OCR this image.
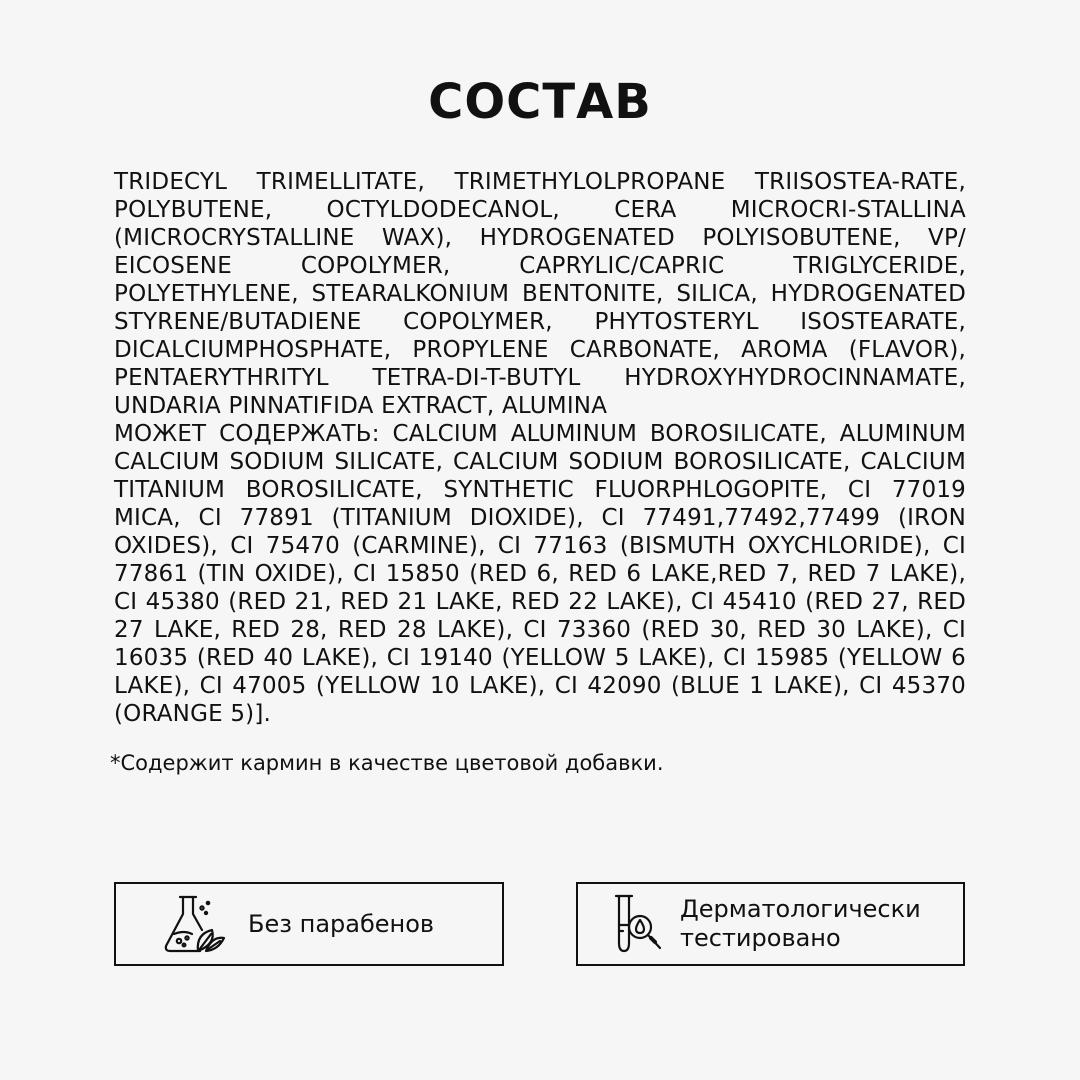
СОСТАВ

TRIDECYL TRIMELLITATE, TRIMETHYLOLPROPANE TRIISOSTEA-RATE, POLYBUTENE, OCTYLDODECANOL, CERA MICROCRI-STALLINA (MICROCRYSTALLINE WAX), HYDROGENATED POLYISOBUTENE, VP/ EICOSENE COPOLYMER, CAPRYLIC/CAPRIC TRIGLYCERIDE, POLYETHYLENE, STEARALKONIUM BENTONITE, SILICA, HYDROGENATED STYRENE/BUTADIENE COPOLYMER, PHYTOSTERYL ISOSTEARATE, DICALCIUMPHOSPHATE, PROPYLENE CARBONATE, AROMA (FLAVOR), PENTAERYTHRITYL TETRA-DI-T-BUTYL HYDROXYHYDROCINNAMATE, UNDARIA PINNATIFIDA EXTRACT, ALUMINA

МОЖЕТ СОДЕРЖАТЬ: CALCIUM ALUMINUM BOROSILICATE, ALUMINUM CALCIUM SODIUM SILICATE, CALCIUM SODIUM BOROSILICATE, CALCIUM TITANIUM BOROSILICATE, SYNTHETIC FLUORPHLOGOPITE, CI 77019 MICA, CI 77891 (TITANIUM DIOXIDE), CI 77491,77492,77499 (IRON OXIDES), CI 75470 (CARMINE), CI 77163 (BISMUTH OXYCHLORIDE), CI 77861 (TIN OXIDE), CI 15850 (RED 6, RED 6 LAKE,RED 7, RED 7 LAKE), CI 45380 (RED 21, RED 21 LAKE, RED 22 LAKE), CI 45410 (RED 27, RED 27 LAKE, RED 28, RED 28 LAKE), CI 73360 (RED 30, RED 30 LAKE), CI 16035 (RED 40 LAKE), CI 19140 (YELLOW 5 LAKE), CI 15985 (YELLOW 6 LAKE), CI 47005 (YELLOW 10 LAKE), CI 42090 (BLUE 1 LAKE), CI 45370 (ORANGE 5)].

*Содержит кармин в качестве цветовой добавки.

Без парабенов
Дерматологически
тестировано
